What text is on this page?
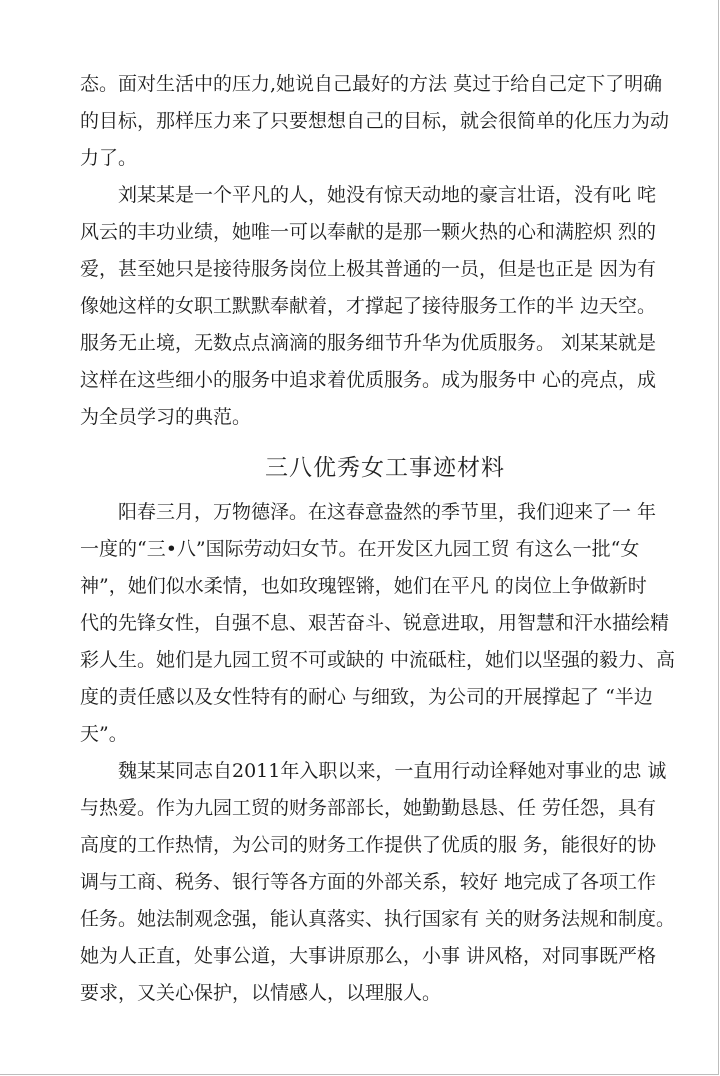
态。面对生活中的压力,她说自己最好的方法 莫过于给自己定下了明确
的目标，那样压力来了只要想想自己的目标，就会很简单的化压力为动
力了。

　　刘某某是一个平凡的人，她没有惊天动地的豪言壮语，没有叱 咤
风云的丰功业绩，她唯一可以奉献的是那一颗火热的心和满腔炽 烈的
爱，甚至她只是接待服务岗位上极其普通的一员，但是也正是 因为有
像她这样的女职工默默奉献着，才撑起了接待服务工作的半 边天空。
服务无止境，无数点点滴滴的服务细节升华为优质服务。 刘某某就是
这样在这些细小的服务中追求着优质服务。成为服务中 心的亮点，成
为全员学习的典范。

三八优秀女工事迹材料

　　阳春三月，万物德泽。在这春意盎然的季节里，我们迎来了一 年
一度的“三•八”国际劳动妇女节。在开发区九园工贸 有这么一批“女
神”，她们似水柔情，也如玫瑰铿锵，她们在平凡 的岗位上争做新时
代的先锋女性，自强不息、艰苦奋斗、锐意进取，用智慧和汗水描绘精
彩人生。她们是九园工贸不可或缺的 中流砥柱，她们以坚强的毅力、高
度的责任感以及女性特有的耐心 与细致，为公司的开展撑起了 “半边
天”。

　　魏某某同志自2011年入职以来，一直用行动诠释她对事业的忠 诚
与热爱。作为九园工贸的财务部部长，她勤勤恳恳、任 劳任怨，具有
高度的工作热情，为公司的财务工作提供了优质的服 务，能很好的协
调与工商、税务、银行等各方面的外部关系，较好 地完成了各项工作
任务。她法制观念强，能认真落实、执行国家有 关的财务法规和制度。
她为人正直，处事公道，大事讲原那么，小事 讲风格，对同事既严格
要求，又关心保护，以情感人，以理服人。
